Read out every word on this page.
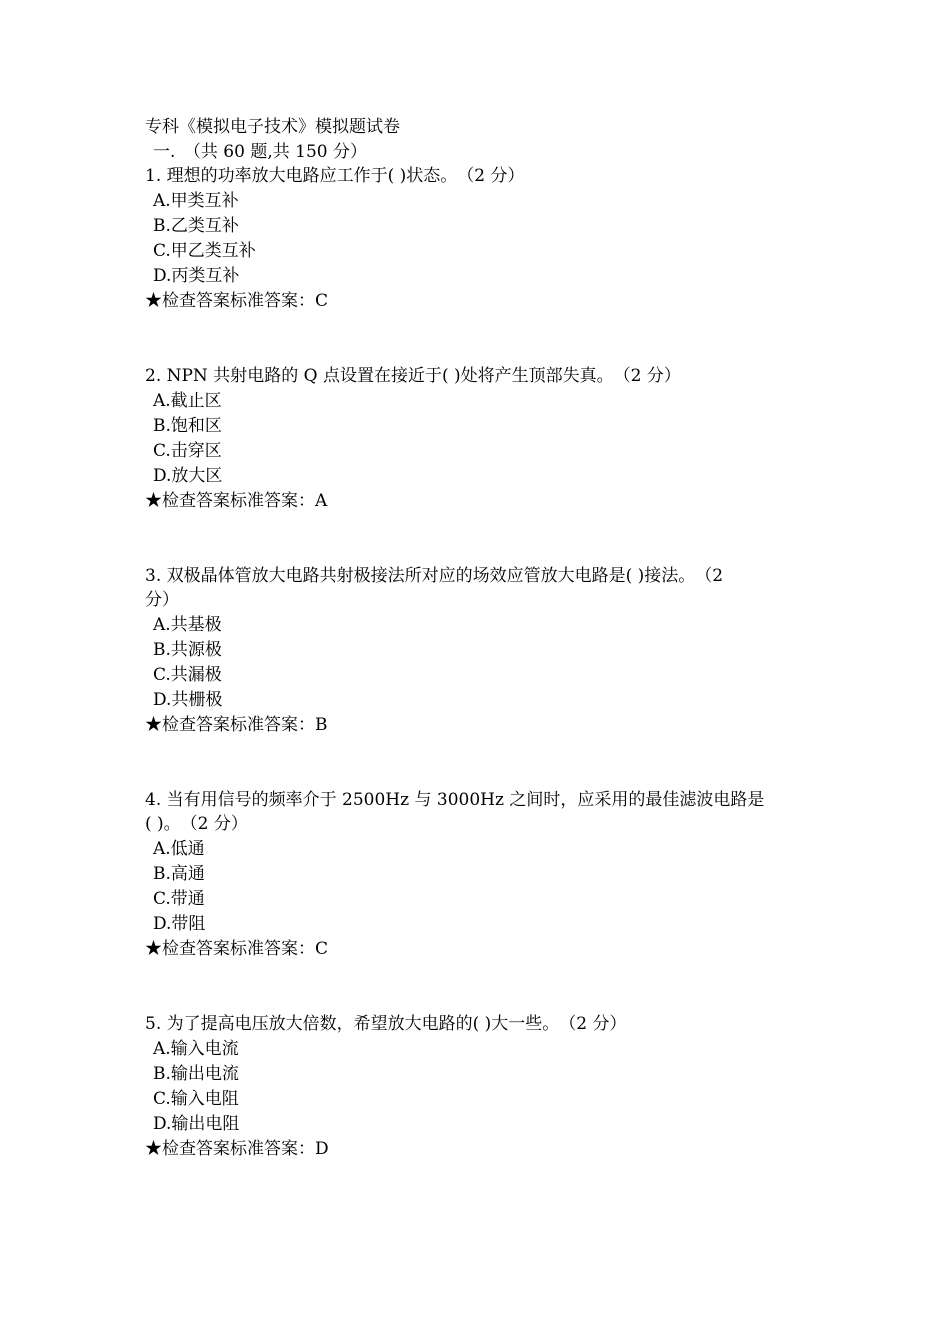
专科《模拟电子技术》模拟题试卷
一.　（共 60 题,共 150 分）
1. 理想的功率放大电路应工作于( )状态。　（2 分）
A.甲类互补
B.乙类互补
C.甲乙类互补
D.丙类互补
★检查答案标准答案：C
2. NPN 共射电路的 Q 点设置在接近于( )处将产生顶部失真。　（2 分）
A.截止区
B.饱和区
C.击穿区
D.放大区
★检查答案标准答案：A
3. 双极晶体管放大电路共射极接法所对应的场效应管放大电路是( )接法。　（2
分）
A.共基极
B.共源极
C.共漏极
D.共栅极
★检查答案标准答案：B
4. 当有用信号的频率介于 2500Hz 与 3000Hz 之间时，应采用的最佳滤波电路是
( )。　（2 分）
A.低通
B.高通
C.带通
D.带阻
★检查答案标准答案：C
5. 为了提高电压放大倍数，希望放大电路的( )大一些。　（2 分）
A.输入电流
B.输出电流
C.输入电阻
D.输出电阻
★检查答案标准答案：D
